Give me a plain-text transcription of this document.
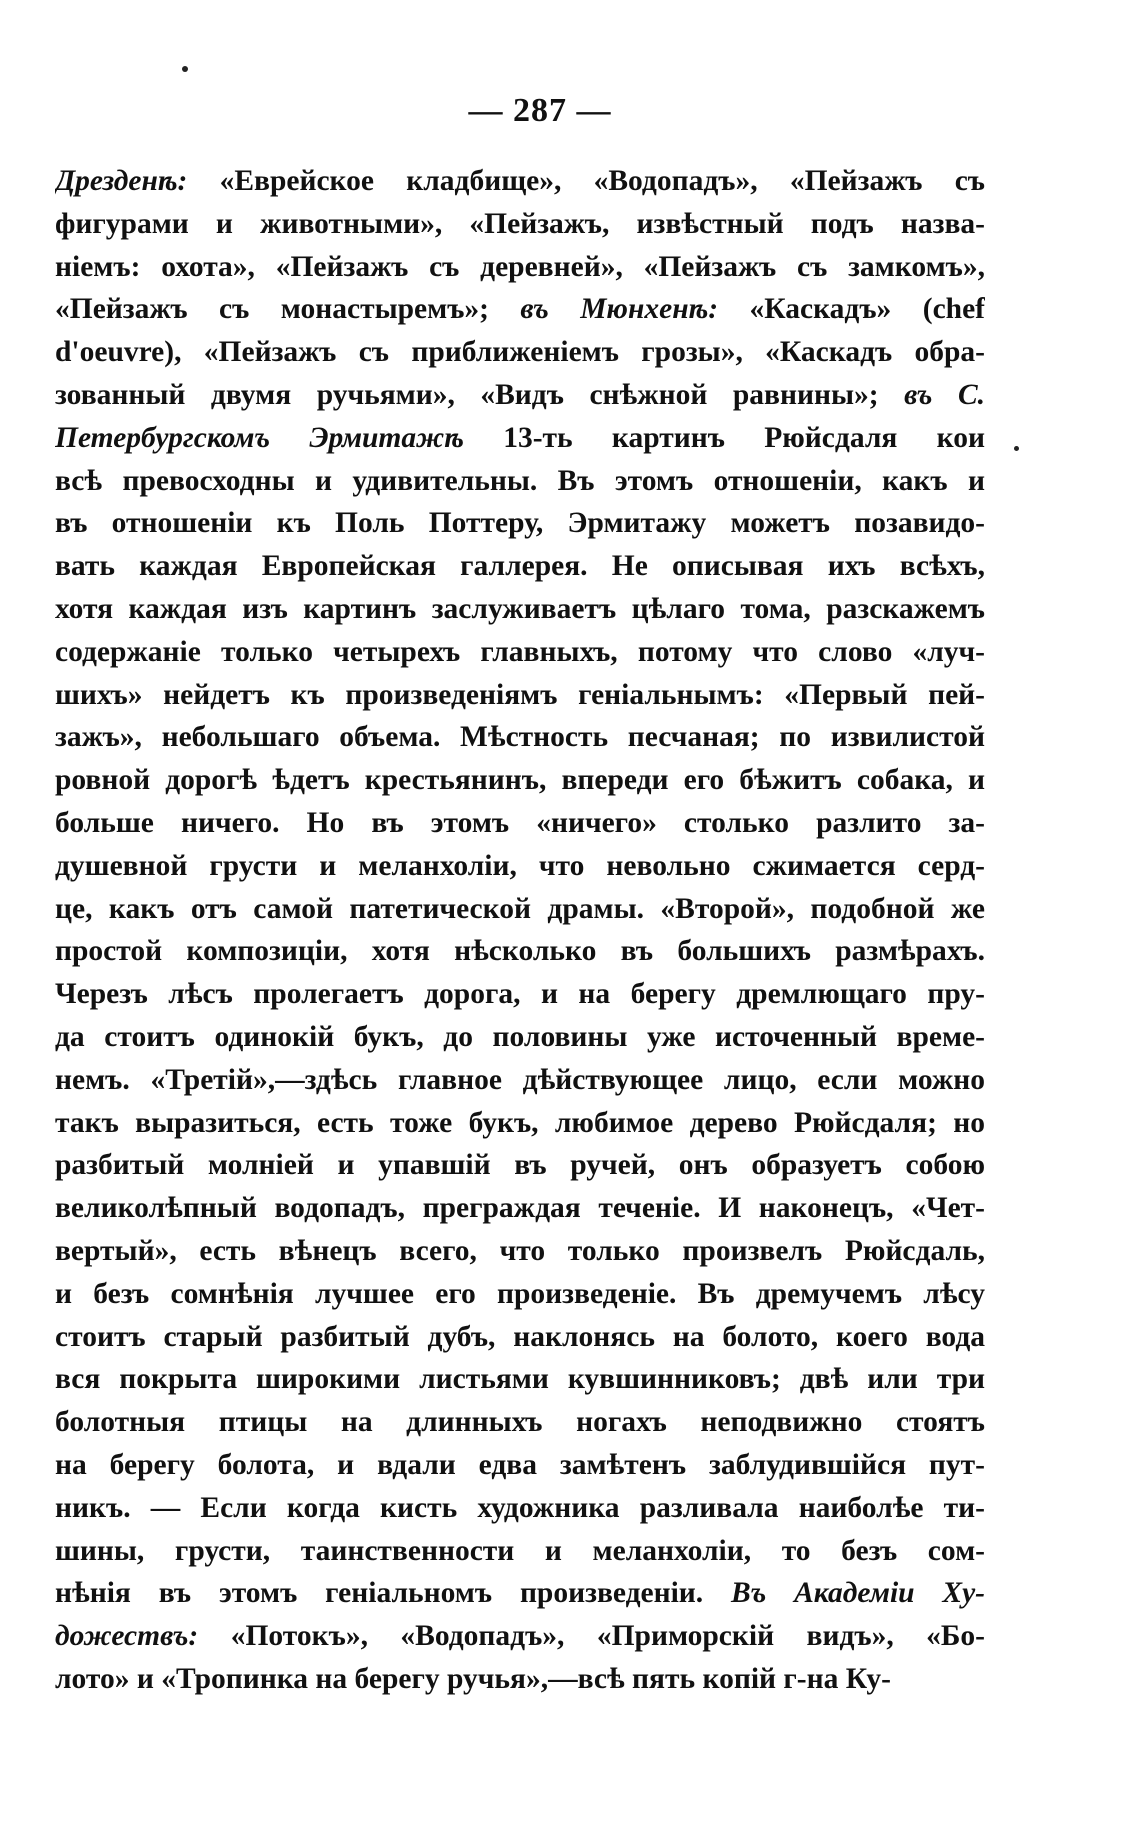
— 287 —
Дрезденѣ: «Еврейское кладбище», «Водопадъ», «Пейзажъ съ
фигурами и животными», «Пейзажъ, извѣстный подъ назва-
ніемъ: охота», «Пейзажъ съ деревней», «Пейзажъ съ замкомъ»,
«Пейзажъ съ монастыремъ»; въ Мюнхенѣ: «Каскадъ» (chef
d'oeuvre), «Пейзажъ съ приближеніемъ грозы», «Каскадъ обра-
зованный двумя ручьями», «Видъ снѣжной равнины»; въ С.
Петербургскомъ Эрмитажѣ 13-ть картинъ Рюйсдаля кои
всѣ превосходны и удивительны. Въ этомъ отношеніи, какъ и
въ отношеніи къ Поль Поттеру, Эрмитажу можетъ позавидо-
вать каждая Европейская галлерея. Не описывая ихъ всѣхъ,
хотя каждая изъ картинъ заслуживаетъ цѣлаго тома, разскажемъ
содержаніе только четырехъ главныхъ, потому что слово «луч-
шихъ» нейдетъ къ произведеніямъ геніальнымъ: «Первый пей-
зажъ», небольшаго объема. Мѣстность песчаная; по извилистой
ровной дорогѣ ѣдетъ крестьянинъ, впереди его бѣжитъ собака, и
больше ничего. Но въ этомъ «ничего» столько разлито за-
душевной грусти и меланхоліи, что невольно сжимается серд-
це, какъ отъ самой патетической драмы. «Второй», подобной же
простой композиціи, хотя нѣсколько въ большихъ размѣрахъ.
Черезъ лѣсъ пролегаетъ дорога, и на берегу дремлющаго пру-
да стоитъ одинокій букъ, до половины уже источенный време-
немъ. «Третій»,—здѣсь главное дѣйствующее лицо, если можно
такъ выразиться, есть тоже букъ, любимое дерево Рюйсдаля; но
разбитый молніей и упавшій въ ручей, онъ образуетъ собою
великолѣпный водопадъ, преграждая теченіе. И наконецъ, «Чет-
вертый», есть вѣнецъ всего, что только произвелъ Рюйсдаль,
и безъ сомнѣнія лучшее его произведеніе. Въ дремучемъ лѣсу
стоитъ старый разбитый дубъ, наклонясь на болото, коего вода
вся покрыта широкими листьями кувшинниковъ; двѣ или три
болотныя птицы на длинныхъ ногахъ неподвижно стоятъ
на берегу болота, и вдали едва замѣтенъ заблудившійся пут-
никъ. — Если когда кисть художника разливала наиболѣе ти-
шины, грусти, таинственности и меланхоліи, то безъ сом-
нѣнія въ этомъ геніальномъ произведеніи. Въ Академіи Ху-
дожествъ: «Потокъ», «Водопадъ», «Приморскій видъ», «Бо-
лото» и «Тропинка на берегу ручья»,—всѣ пять копій г-на Ку-
